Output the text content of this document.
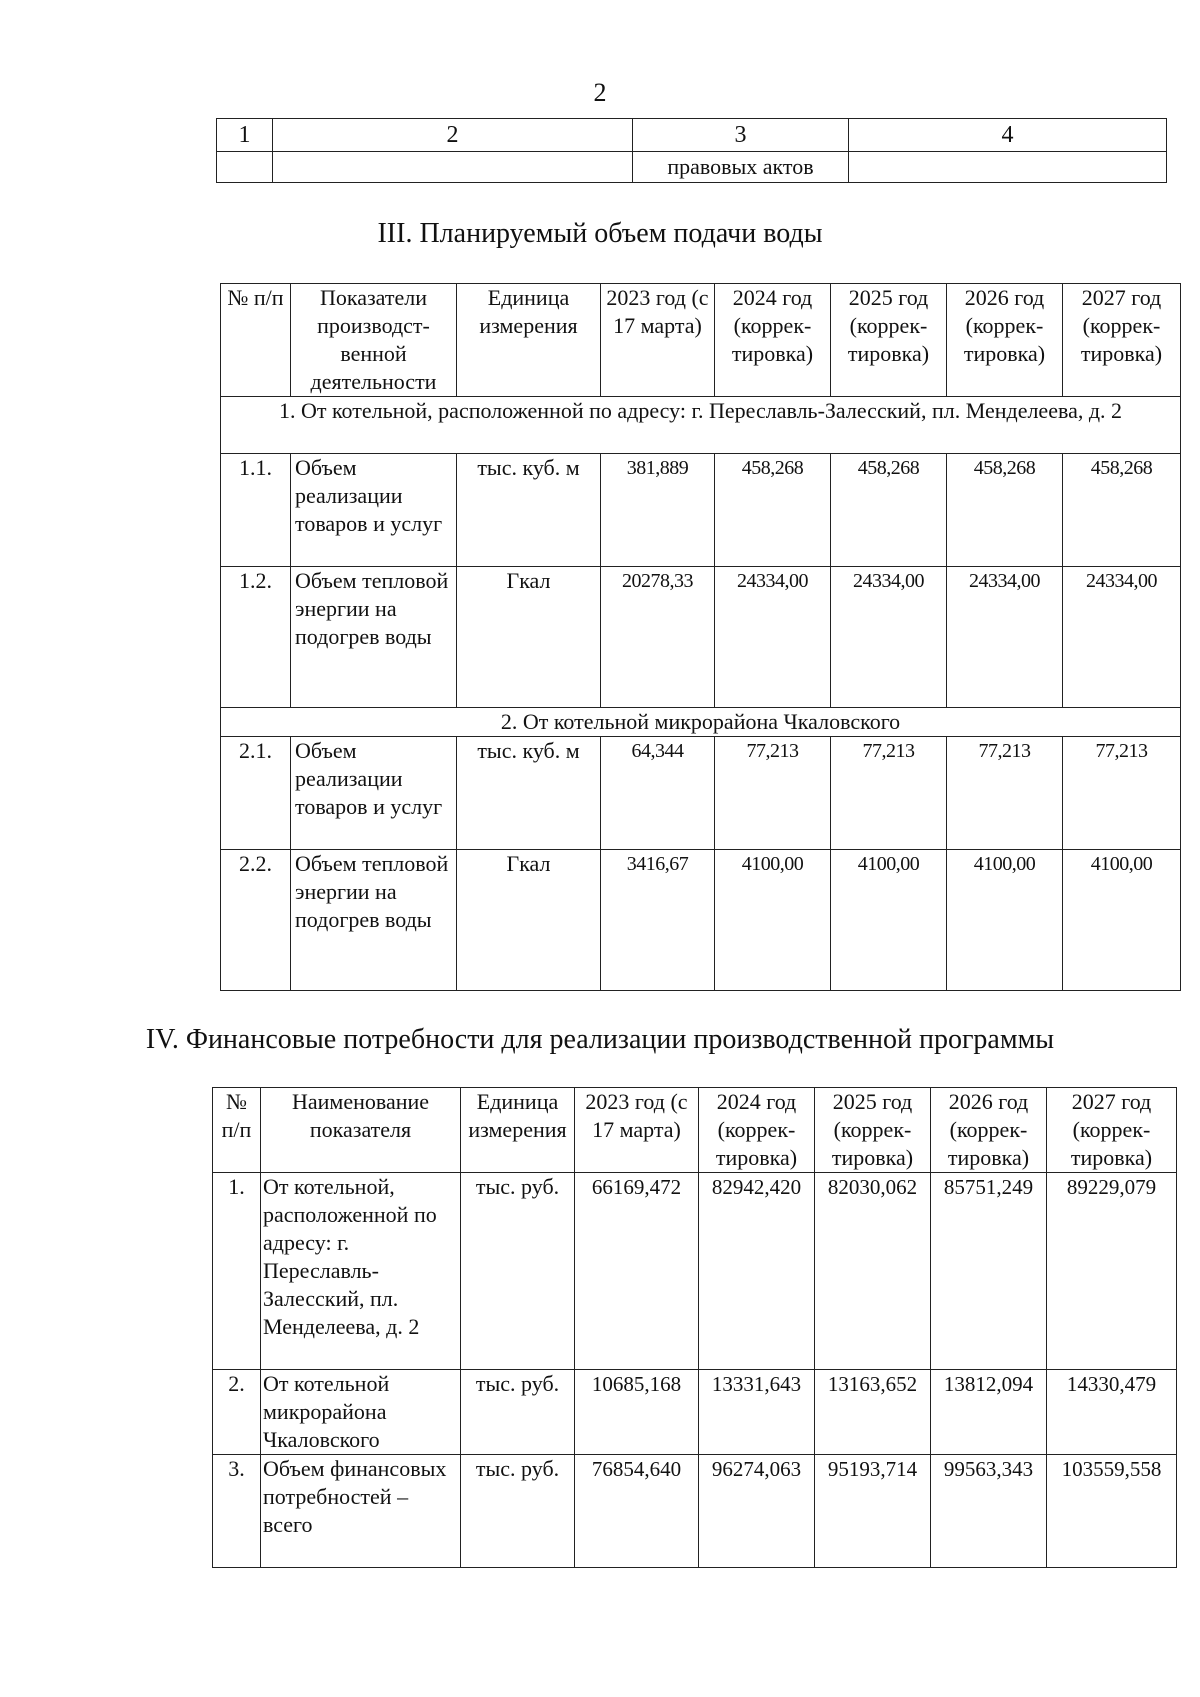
2
1	2	3	4
		правовых актов	
III. Планируемый объем подачи воды
№ п/п	Показатели производст-венной деятельности	Единица измерения	2023 год (с 17 марта)	2024 год (коррек-тировка)	2025 год (коррек-тировка)	2026 год (коррек-тировка)	2027 год (коррек-тировка)
1. От котельной, расположенной по адресу: г. Переславль-Залесский, пл. Менделеева, д. 2							
1.1.	Объем реализации товаров и услуг	тыс. куб. м	381,889	458,268	458,268	458,268	458,268
1.2.	Объем тепловой энергии на подогрев воды	Гкал	20278,33	24334,00	24334,00	24334,00	24334,00
2. От котельной микрорайона Чкаловского							
2.1.	Объем реализации товаров и услуг	тыс. куб. м	64,344	77,213	77,213	77,213	77,213
2.2.	Объем тепловой энергии на подогрев воды	Гкал	3416,67	4100,00	4100,00	4100,00	4100,00
IV. Финансовые потребности для реализации производственной программы
№ п/п	Наименование показателя	Единица измерения	2023 год (с 17 марта)	2024 год (коррек-тировка)	2025 год (коррек-тировка)	2026 год (коррек-тировка)	2027 год (коррек-тировка)
1.	От котельной, расположенной по адресу: г. Переславль-Залесский, пл. Менделеева, д. 2	тыс. руб.	66169,472	82942,420	82030,062	85751,249	89229,079
2.	От котельной микрорайона Чкаловского	тыс. руб.	10685,168	13331,643	13163,652	13812,094	14330,479
3.	Объем финансовых потребностей – всего	тыс. руб.	76854,640	96274,063	95193,714	99563,343	103559,558
